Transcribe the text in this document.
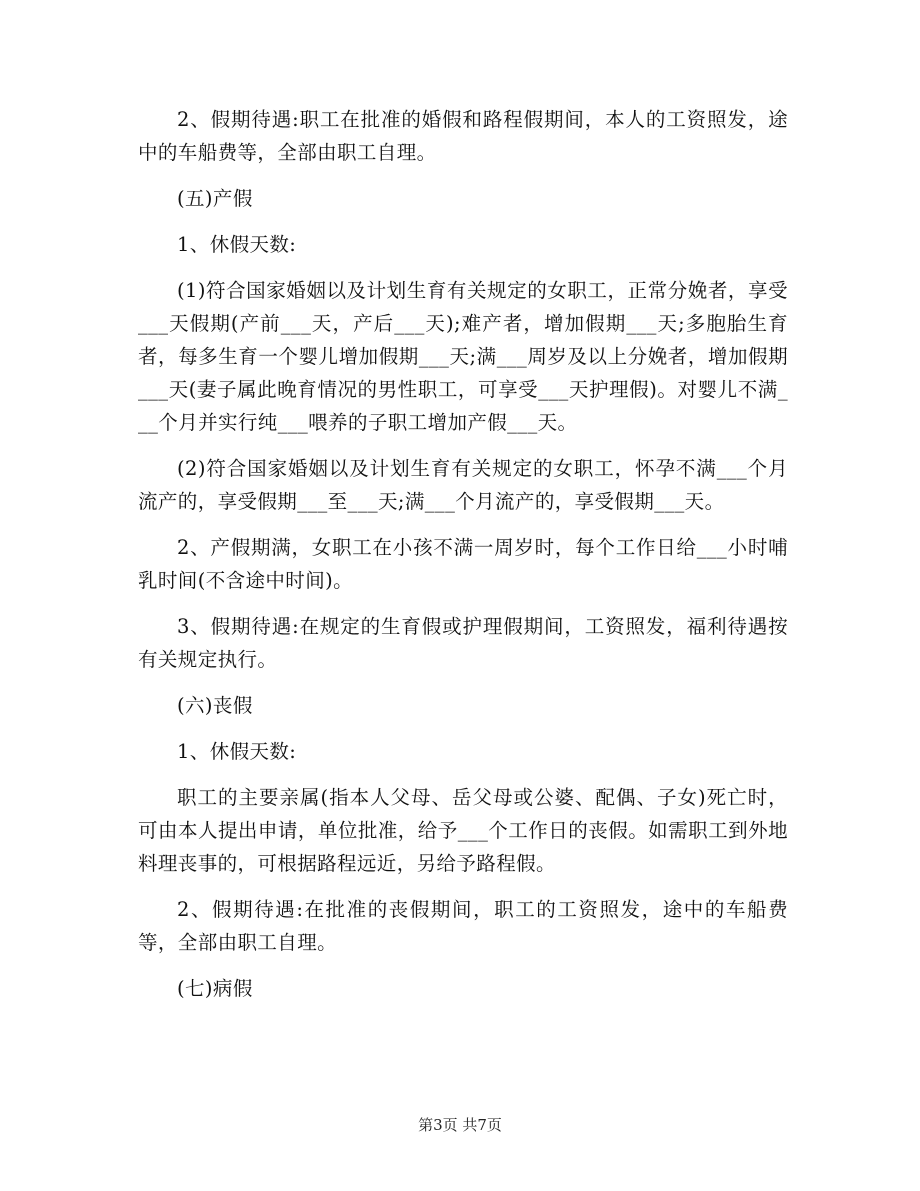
2、假期待遇:职工在批准的婚假和路程假期间，本人的工资照发，途中的车船费等，全部由职工自理。

(五)产假

1、休假天数:

(1)符合国家婚姻以及计划生育有关规定的女职工，正常分娩者，享受___天假期(产前___天，产后___天);难产者，增加假期___天;多胞胎生育者，每多生育一个婴儿增加假期___天;满___周岁及以上分娩者，增加假期___天(妻子属此晚育情况的男性职工，可享受___天护理假)。对婴儿不满___个月并实行纯___喂养的子职工增加产假___天。

(2)符合国家婚姻以及计划生育有关规定的女职工，怀孕不满___个月流产的，享受假期___至___天;满___个月流产的，享受假期___天。

2、产假期满，女职工在小孩不满一周岁时，每个工作日给___小时哺乳时间(不含途中时间)。

3、假期待遇:在规定的生育假或护理假期间，工资照发，福利待遇按有关规定执行。

(六)丧假

1、休假天数:

职工的主要亲属(指本人父母、岳父母或公婆、配偶、子女)死亡时，可由本人提出申请，单位批准，给予___个工作日的丧假。如需职工到外地料理丧事的，可根据路程远近，另给予路程假。

2、假期待遇:在批准的丧假期间，职工的工资照发，途中的车船费等，全部由职工自理。

(七)病假

第3页 共7页
